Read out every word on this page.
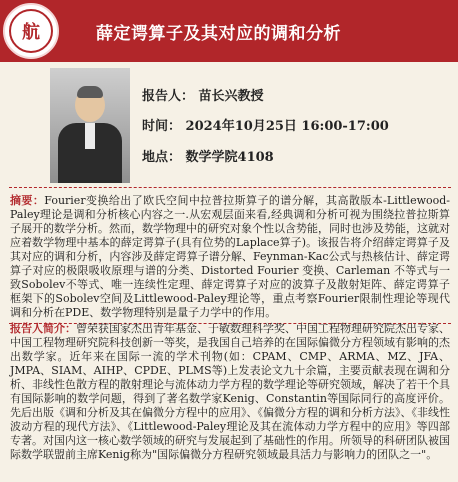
航	薛定谔算子及其对应的调和分析
报告人： 苗长兴教授
时间： 2024年10月25日 16:00-17:00
地点： 数学学院4108
摘要：Fourier变换给出了欧氏空间中拉普拉斯算子的谱分解，其高散版本-Littlewood-Paley理论是调和分析核心内容之一.从宏观层面来看,经典调和分析可视为围绕拉普拉斯算子展开的数学分析。然而，数学物理中的研究对象个性以含势能，同时也涉及势能，这就对应着数学物理中基本的薛定谔算子(具有位势的Laplace算子)。该报告将介绍薛定谔算子及其对应的调和分析，内容涉及薛定谔算子谱分解、Feynman-Kac公式与热核估计、薛定谔算子对应的极限吸收原理与谱的分类、Distorted Fourier 变换、Carleman 不等式与一致Sobolev不等式、唯一连续性定理、薛定谔算子对应的波算子及散射矩阵、薛定谔算子框架下的Sobolev空间及Littlewood-Paley理论等，重点考察Fourier限制性理论等现代调和分析在PDE、数学物理特别是量子力学中的作用。
报告人简介：曾荣获国家杰出青年基金、于敏数理科学奖、中国工程物理研究院杰出专家、中国工程物理研究院科技创新一等奖，是我国自己培养的在国际偏微分方程领域有影响的杰出数学家。近年来在国际一流的学术刊物(如：CPAM、CMP、ARMA、MZ、JFA、JMPA、SIAM、AIHP、CPDE、PLMS等)上发表论文九十余篇，主要贡献表现在调和分析、非线性色散方程的散射理论与流体动力学方程的数学理论等研究领域，解决了若干个具有国际影响的数学问题，得到了著名数学家Kenig、Constantin等国际同行的高度评价。先后出版《调和分析及其在偏微分方程中的应用》、《偏微分方程的调和分析方法》、《非线性波动方程的现代方法》、《Littlewood-Paley理论及其在流体动力学方程中的应用》等四部专著。对国内这一核心数学领域的研究与发展起到了基础性的作用。所领导的科研团队被国际数学联盟前主席Kenig称为"国际偏微分方程研究领域最具活力与影响力的团队之一"。
